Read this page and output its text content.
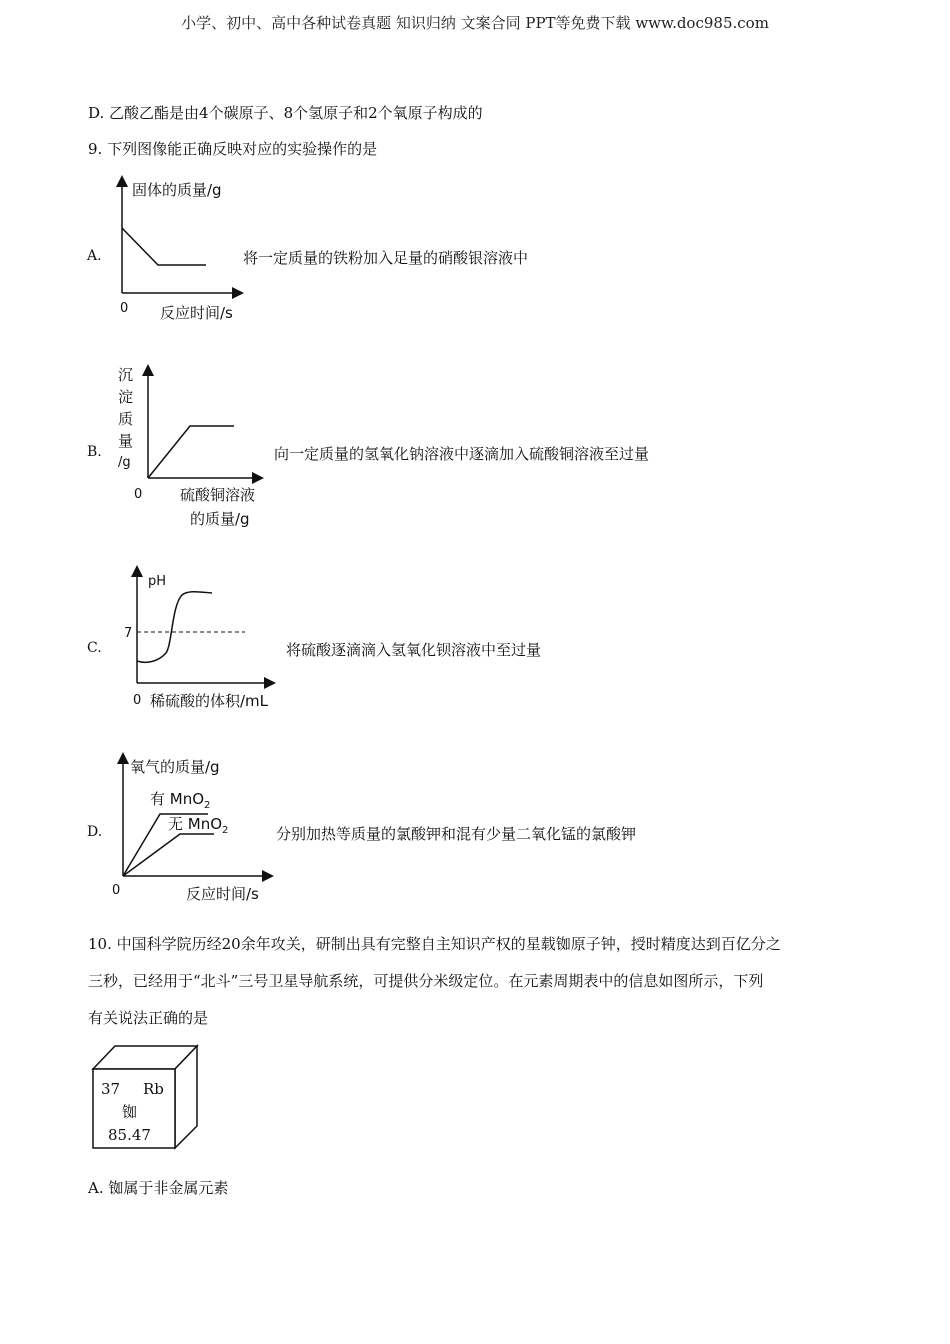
小学、初中、高中各种试卷真题 知识归纳 文案合同 PPT等免费下载 www.doc985.com
D. 乙酸乙酯是由4个碳原子、8个氢原子和2个氧原子构成的
9. 下列图像能正确反映对应的实验操作的是
A.
固体的质量/g
0 反应时间/s
将一定质量的铁粉加入足量的硝酸银溶液中
B.
沉
淀
质
量
/g
0	硫酸铜溶液
的质量/g
向一定质量的氢氧化钠溶液中逐滴加入硫酸铜溶液至过量
C.
pH
7
0 稀硫酸的体积/mL
将硫酸逐滴滴入氢氧化钡溶液中至过量
D.
氧气的质量/g
有 MnO$_2$
无 MnO$_2$
0	反应时间/s
分别加热等质量的氯酸钾和混有少量二氧化锰的氯酸钾
10. 中国科学院历经20余年攻关，研制出具有完整自主知识产权的星载铷原子钟，授时精度达到百亿分之
三秒，已经用于“北斗”三号卫星导航系统，可提供分米级定位。在元素周期表中的信息如图所示，下列
有关说法正确的是
37 Rb
铷
85.47
A. 铷属于非金属元素
